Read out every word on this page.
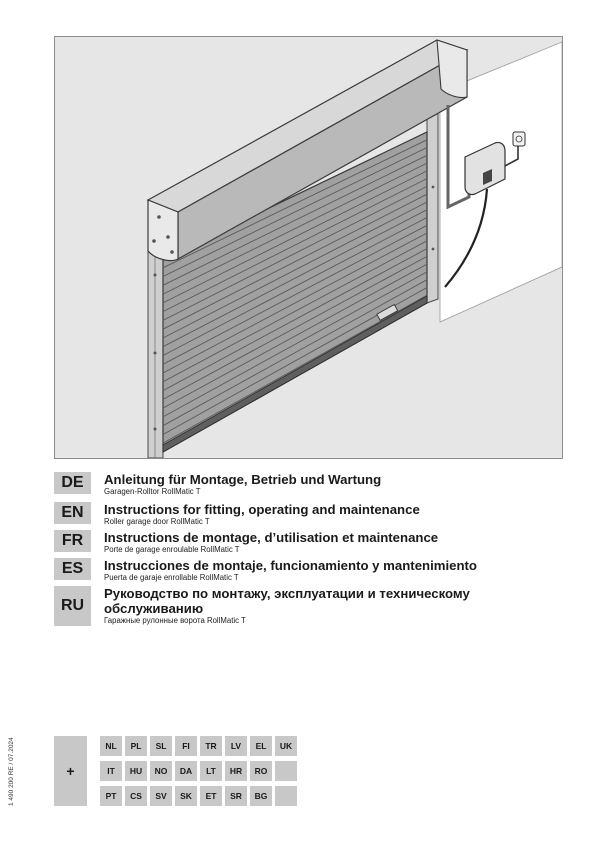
DE	Anleitung für Montage, Betrieb und Wartung

Garagen-Rolltor RollMatic T

EN	Instructions for fitting, operating and maintenance

Roller garage door RollMatic T

FR	Instructions de montage, d’utilisation et maintenance

Porte de garage enroulable RollMatic T

ES	Instrucciones de montaje, funcionamiento y mantenimiento

Puerta de garaje enrollable RollMatic T

RU

Руководство по монтажу, эксплуатации и техническому обслуживанию

Гаражные рулонные ворота RollMatic T

1 490 200 RE / 07.2024	+
NL	PL	SL	FI	TR	LV	EL	UK
IT	HU	NO	DA	LT	HR	RO
PT	CS	SV	SK	ET	SR	BG
